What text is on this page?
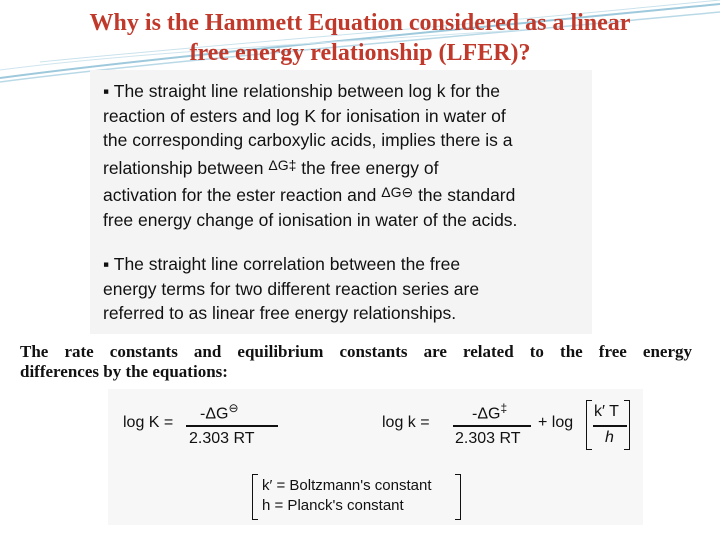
Why is the Hammett Equation considered as a linear
free energy relationship (LFER)?
▪ The straight line relationship between log k for the
reaction of esters and log K for ionisation in water of
the corresponding carboxylic acids, implies there is a
relationship between $^{\Delta G\ddagger}$ the free energy of
activation for the ester reaction and $^{\Delta G⊖}$ the standard
free energy change of ionisation in water of the acids.
▪ The straight line correlation between the free
energy terms for two different reaction series are
referred to as linear free energy relationships.
The rate constants and equilibrium constants are related to the free energy
differences by the equations:
log K =
-ΔG⊖
2.303 RT
log k =
-ΔG‡
2.303 RT
+ log
k′ T
h
k′ = Boltzmann's constant
h = Planck's constant
